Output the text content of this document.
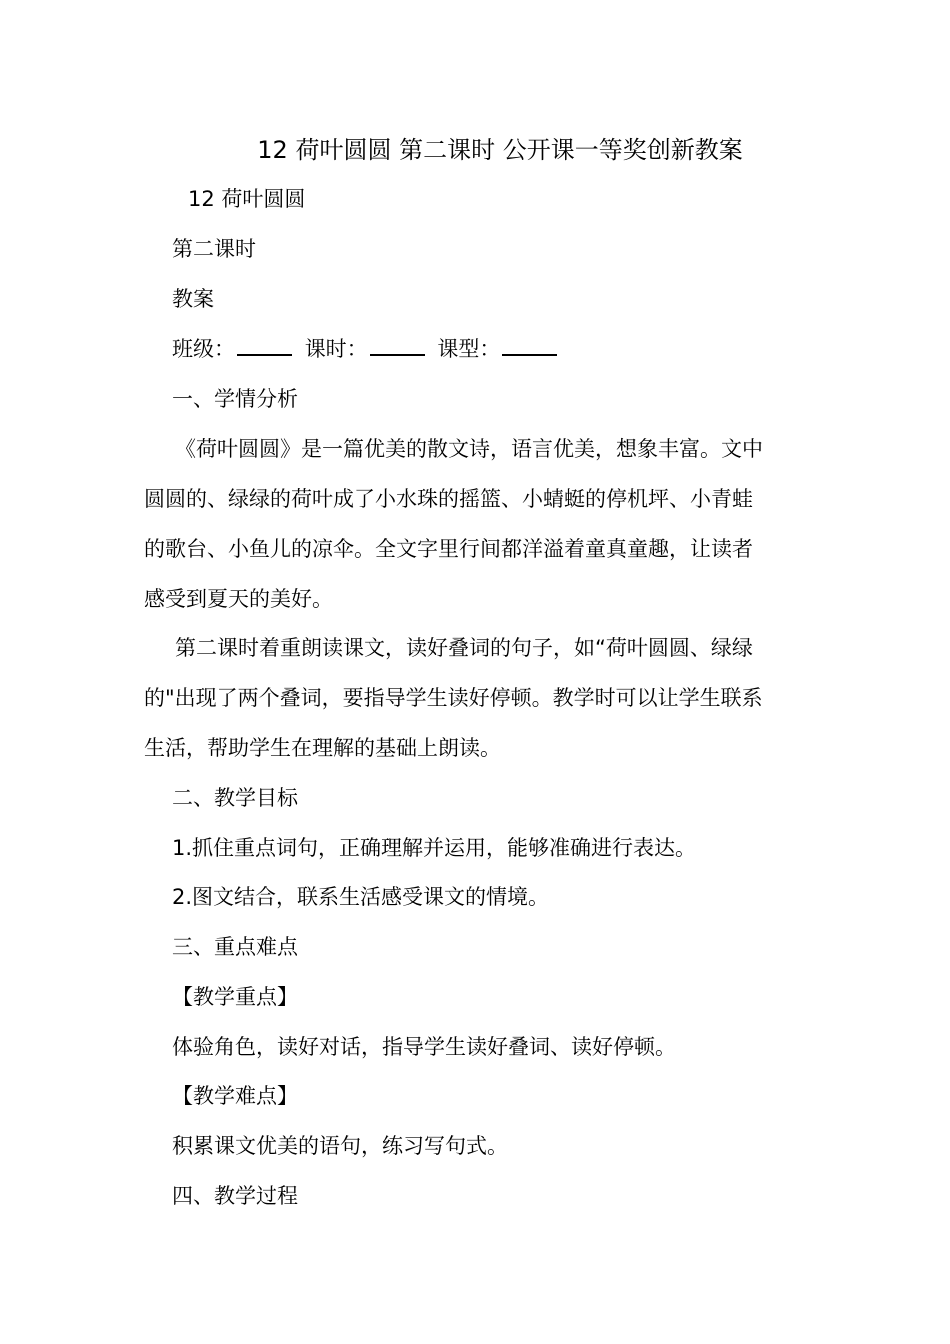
12 荷叶圆圆 第二课时 公开课一等奖创新教案
12 荷叶圆圆
第二课时
教案
班级：	课时：	课型：
一、学情分析
《荷叶圆圆》是一篇优美的散文诗，语言优美，想象丰富。文中
圆圆的、绿绿的荷叶成了小水珠的摇篮、小蜻蜓的停机坪、小青蛙
的歌台、小鱼儿的凉伞。全文字里行间都洋溢着童真童趣，让读者
感受到夏天的美好。
第二课时着重朗读课文，读好叠词的句子，如“荷叶圆圆、绿绿
的"出现了两个叠词，要指导学生读好停顿。教学时可以让学生联系
生活，帮助学生在理解的基础上朗读。
二、教学目标
1.抓住重点词句，正确理解并运用，能够准确进行表达。
2.图文结合，联系生活感受课文的情境。
三、重点难点
【教学重点】
体验角色，读好对话，指导学生读好叠词、读好停顿。
【教学难点】
积累课文优美的语句，练习写句式。
四、教学过程
